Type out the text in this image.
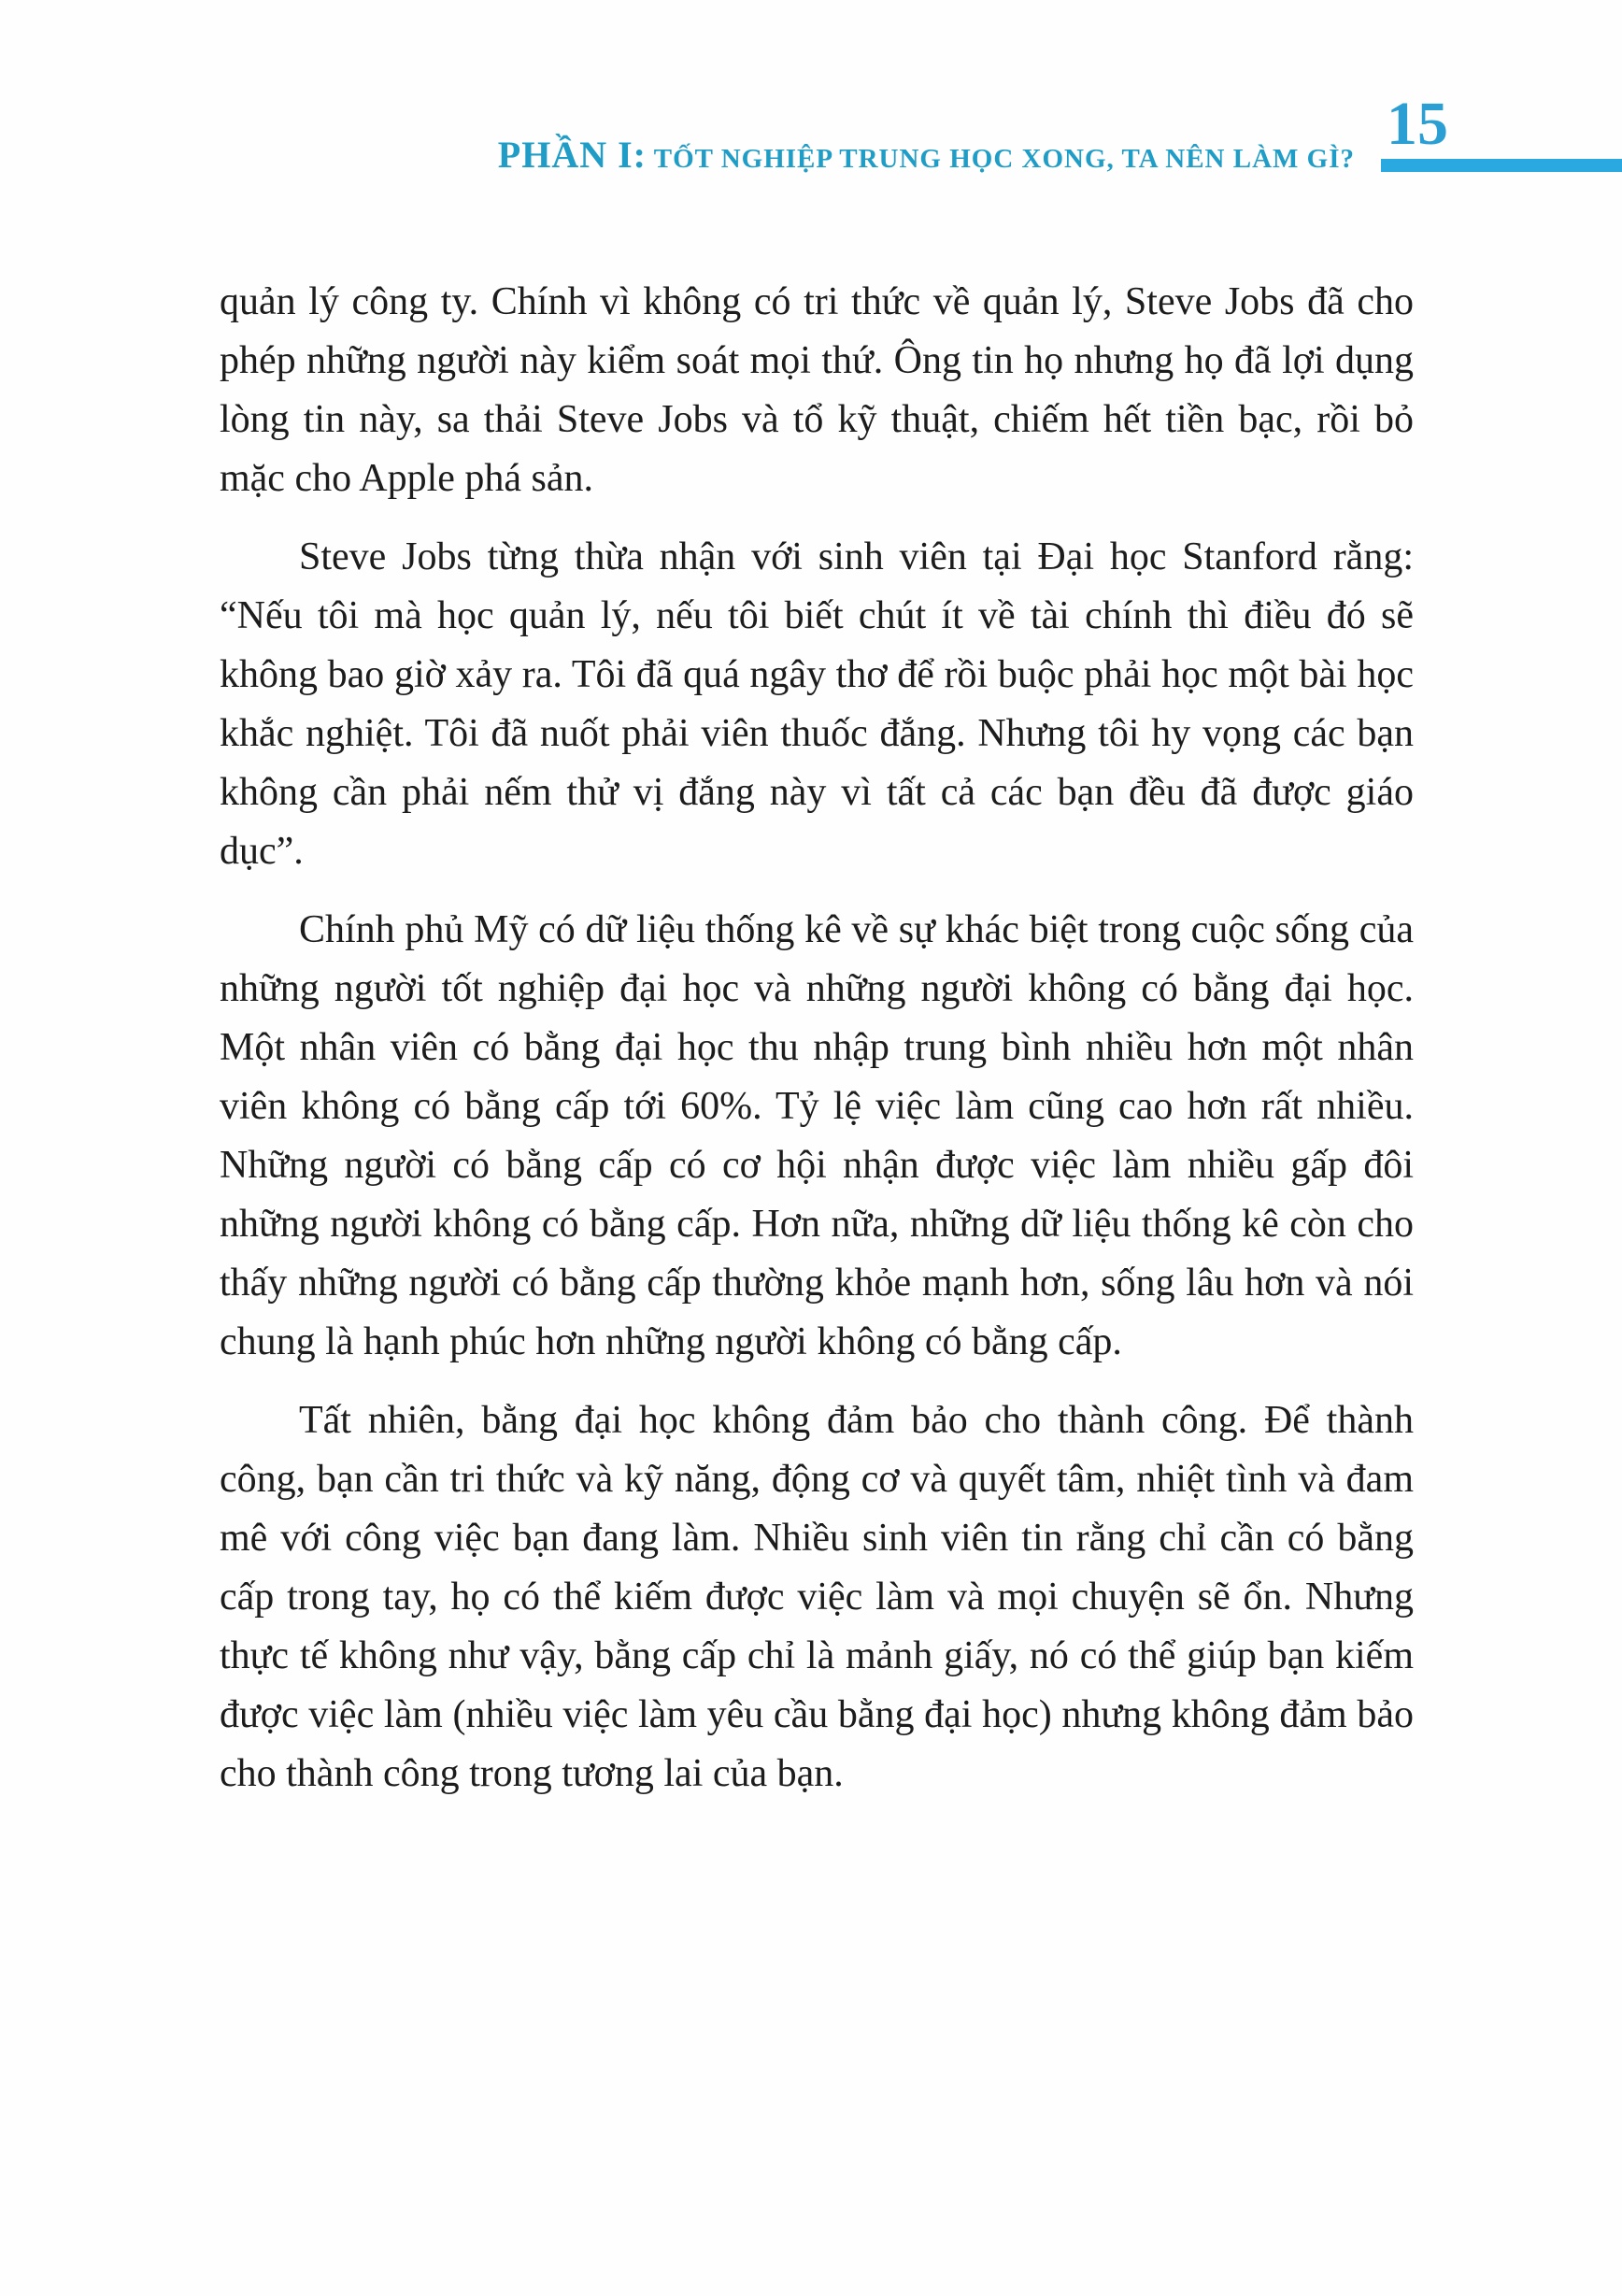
PHẦN I: TỐT NGHIỆP TRUNG HỌC XONG, TA NÊN LÀM GÌ?
15

quản lý công ty. Chính vì không có tri thức về quản lý, Steve Jobs đã cho phép những người này kiểm soát mọi thứ. Ông tin họ nhưng họ đã lợi dụng lòng tin này, sa thải Steve Jobs và tổ kỹ thuật, chiếm hết tiền bạc, rồi bỏ mặc cho Apple phá sản.

Steve Jobs từng thừa nhận với sinh viên tại Đại học Stanford rằng: “Nếu tôi mà học quản lý, nếu tôi biết chút ít về tài chính thì điều đó sẽ không bao giờ xảy ra. Tôi đã quá ngây thơ để rồi buộc phải học một bài học khắc nghiệt. Tôi đã nuốt phải viên thuốc đắng. Nhưng tôi hy vọng các bạn không cần phải nếm thử vị đắng này vì tất cả các bạn đều đã được giáo dục”.

Chính phủ Mỹ có dữ liệu thống kê về sự khác biệt trong cuộc sống của những người tốt nghiệp đại học và những người không có bằng đại học. Một nhân viên có bằng đại học thu nhập trung bình nhiều hơn một nhân viên không có bằng cấp tới 60%. Tỷ lệ việc làm cũng cao hơn rất nhiều. Những người có bằng cấp có cơ hội nhận được việc làm nhiều gấp đôi những người không có bằng cấp. Hơn nữa, những dữ liệu thống kê còn cho thấy những người có bằng cấp thường khỏe mạnh hơn, sống lâu hơn và nói chung là hạnh phúc hơn những người không có bằng cấp.

Tất nhiên, bằng đại học không đảm bảo cho thành công. Để thành công, bạn cần tri thức và kỹ năng, động cơ và quyết tâm, nhiệt tình và đam mê với công việc bạn đang làm. Nhiều sinh viên tin rằng chỉ cần có bằng cấp trong tay, họ có thể kiếm được việc làm và mọi chuyện sẽ ổn. Nhưng thực tế không như vậy, bằng cấp chỉ là mảnh giấy, nó có thể giúp bạn kiếm được việc làm (nhiều việc làm yêu cầu bằng đại học) nhưng không đảm bảo cho thành công trong tương lai của bạn.
